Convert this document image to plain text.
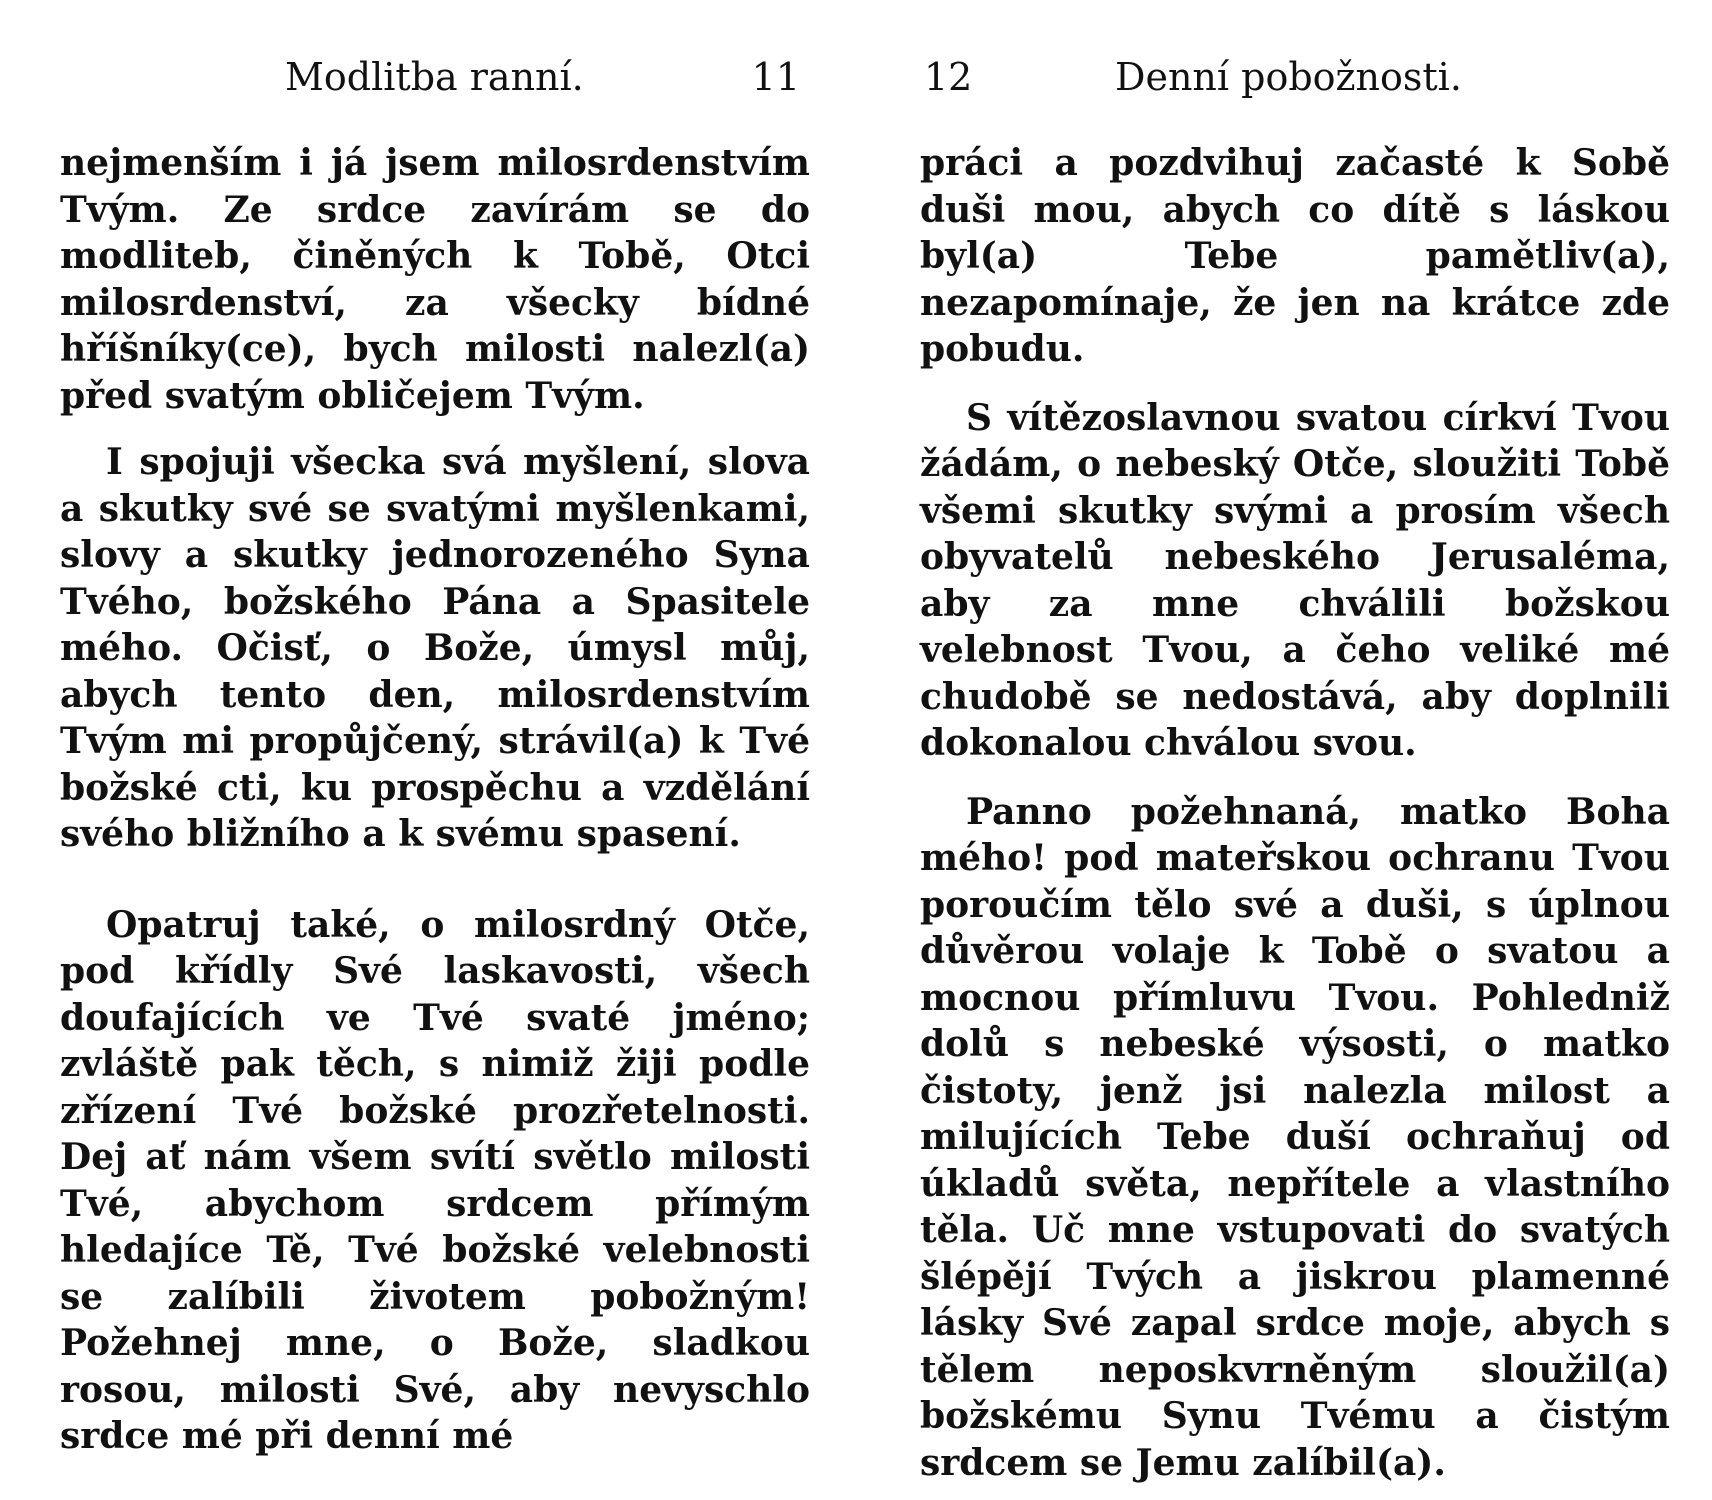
Modlitba ranní.	11

nejmenším i já jsem milosrdenstvím Tvým. Ze srdce zavírám se do modliteb, činěných k Tobě, Otci milosrdenství, za všecky bídné hříšníky(ce), bych milosti nalezl(a) před svatým obličejem Tvým.

I spojuji všecka svá myšlení, slova a skutky své se svatými myšlenkami, slovy a skutky jednorozeného Syna Tvého, božského Pána a Spasitele mého. Očisť, o Bože, úmysl můj, abych tento den, milosrdenstvím Tvým mi propůjčený, strávil(a) k Tvé božské cti, ku prospěchu a vzdělání svého bližního a k svému spasení.

Opatruj také, o milosrdný Otče, pod křídly Své laskavosti, všech doufajících ve Tvé svaté jméno; zvláště pak těch, s nimiž žiji podle zřízení Tvé božské prozřetelnosti. Dej ať nám všem svítí světlo milosti Tvé, abychom srdcem přímým hledajíce Tě, Tvé božské velebnosti se zalíbili životem pobožným! Požehnej mne, o Bože, sladkou rosou, milosti Své, aby nevyschlo srdce mé při denní mé

12	Denní pobožnosti.

práci a pozdvihuj začasté k Sobě duši mou, abych co dítě s láskou byl(a) Tebe pamětliv(a), nezapomínaje, že jen na krátce zde pobudu.

S vítězoslavnou svatou církví Tvou žádám, o nebeský Otče, sloužiti Tobě všemi skutky svými a prosím všech obyvatelů nebeského Jerusaléma, aby za mne chválili božskou velebnost Tvou, a čeho veliké mé chudobě se nedostává, aby doplnili dokonalou chválou svou.

Panno požehnaná, matko Boha mého! pod mateřskou ochranu Tvou poroučím tělo své a duši, s úplnou důvěrou volaje k Tobě o svatou a mocnou přímluvu Tvou. Pohledniž dolů s nebeské výsosti, o matko čistoty, jenž jsi nalezla milost a milujících Tebe duší ochraňuj od úkladů světa, nepřítele a vlastního těla. Uč mne vstupovati do svatých šlépějí Tvých a jiskrou plamenné lásky Své zapal srdce moje, abych s tělem neposkvrněným sloužil(a) božskému Synu Tvému a čistým srdcem se Jemu zalíbil(a).
